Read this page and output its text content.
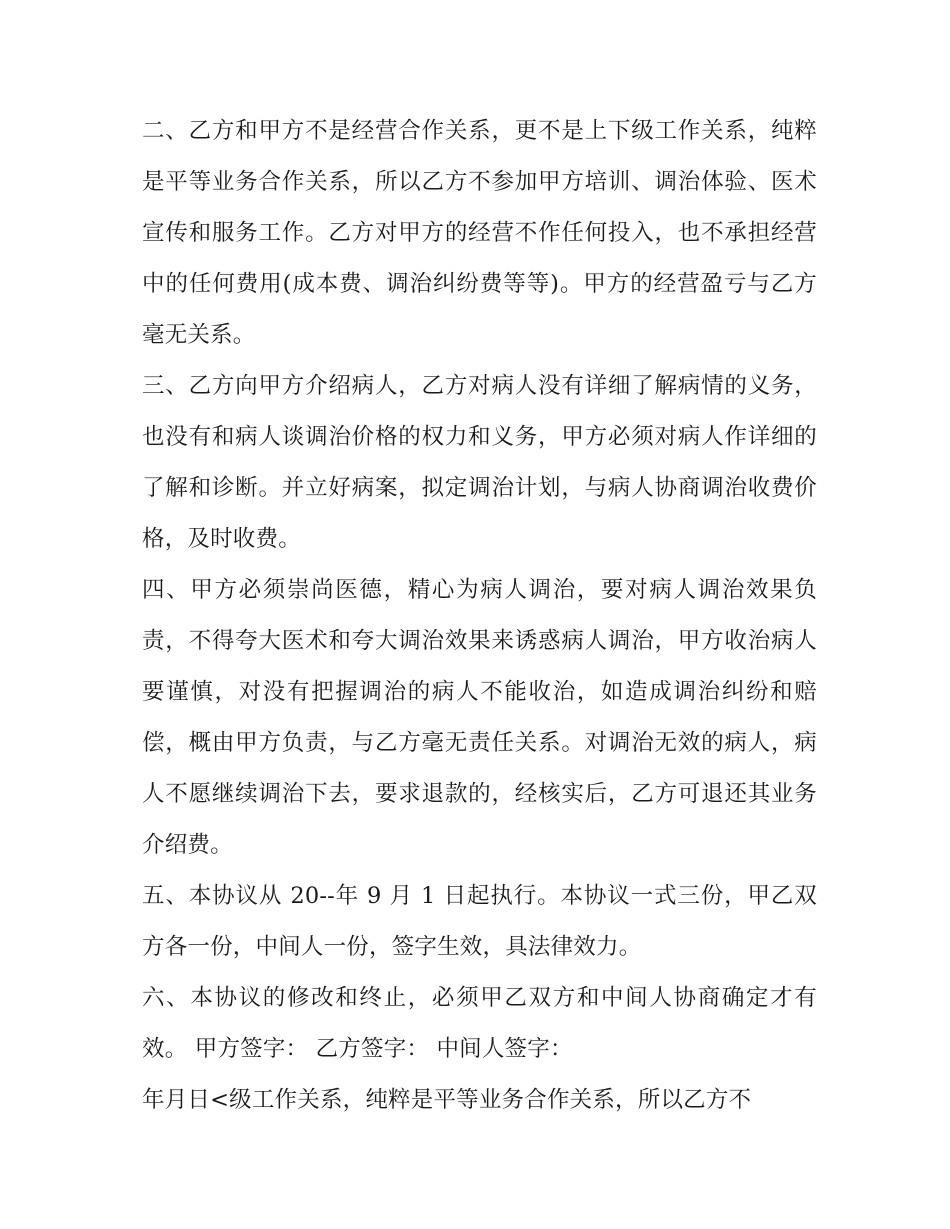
二、乙方和甲方不是经营合作关系，更不是上下级工作关系，纯粹是平等业务合作关系，所以乙方不参加甲方培训、调治体验、医术宣传和服务工作。乙方对甲方的经营不作任何投入，也不承担经营中的任何费用(成本费、调治纠纷费等等)。甲方的经营盈亏与乙方毫无关系。

三、乙方向甲方介绍病人，乙方对病人没有详细了解病情的义务，也没有和病人谈调治价格的权力和义务，甲方必须对病人作详细的了解和诊断。并立好病案，拟定调治计划，与病人协商调治收费价格，及时收费。

四、甲方必须崇尚医德，精心为病人调治，要对病人调治效果负责，不得夸大医术和夸大调治效果来诱惑病人调治，甲方收治病人要谨慎，对没有把握调治的病人不能收治，如造成调治纠纷和赔偿，概由甲方负责，与乙方毫无责任关系。对调治无效的病人，病人不愿继续调治下去，要求退款的，经核实后，乙方可退还其业务介绍费。

五、本协议从 20--年 9 月 1 日起执行。本协议一式三份，甲乙双方各一份，中间人一份，签字生效，具法律效力。

六、本协议的修改和终止，必须甲乙双方和中间人协商确定才有效。 甲方签字： 乙方签字： 中间人签字：

年月日<级工作关系，纯粹是平等业务合作关系，所以乙方不
